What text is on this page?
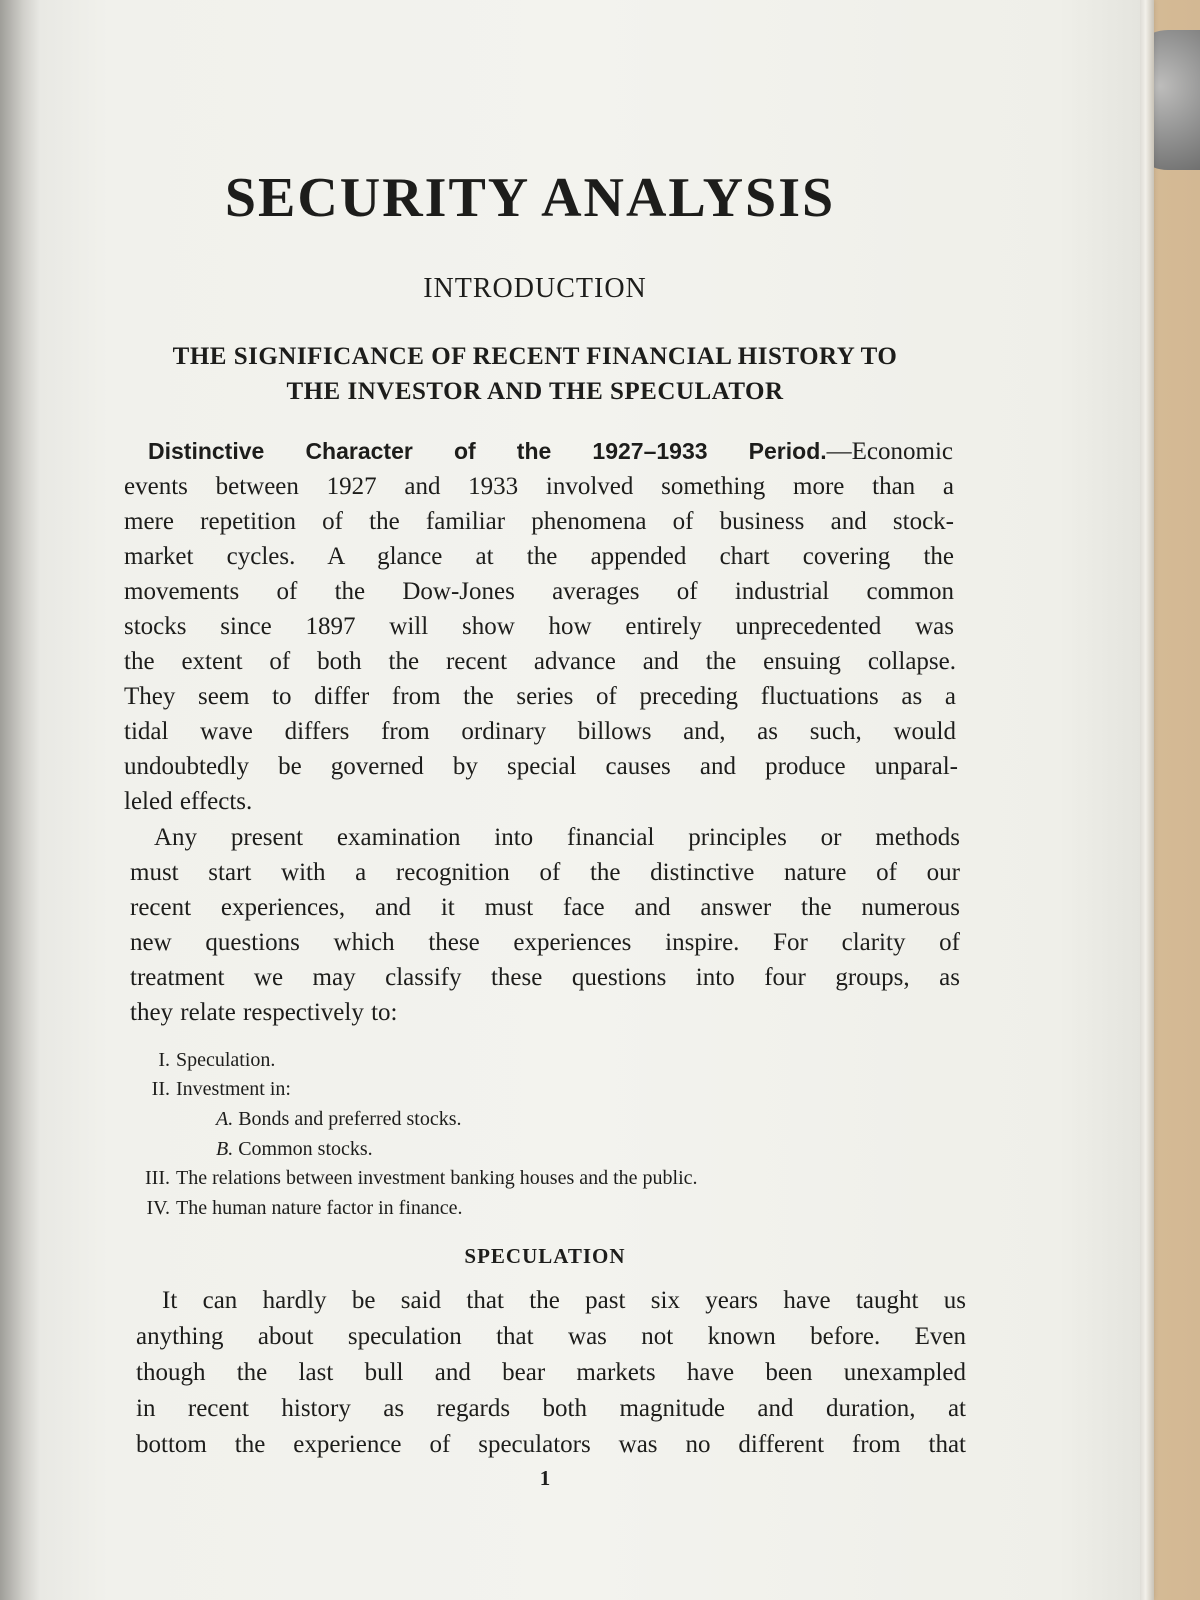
SECURITY ANALYSIS
INTRODUCTION
THE SIGNIFICANCE OF RECENT FINANCIAL HISTORY TO
THE INVESTOR AND THE SPECULATOR
Distinctive Character of the 1927–1933 Period.—Economic
events between 1927 and 1933 involved something more than a
mere repetition of the familiar phenomena of business and stock-
market cycles. A glance at the appended chart covering the
movements of the Dow-Jones averages of industrial common
stocks since 1897 will show how entirely unprecedented was
the extent of both the recent advance and the ensuing collapse.
They seem to differ from the series of preceding fluctuations as a
tidal wave differs from ordinary billows and, as such, would
undoubtedly be governed by special causes and produce unparal-
leled effects.
Any present examination into financial principles or methods
must start with a recognition of the distinctive nature of our
recent experiences, and it must face and answer the numerous
new questions which these experiences inspire. For clarity of
treatment we may classify these questions into four groups, as
they relate respectively to:
I. Speculation.
II. Investment in:
A. Bonds and preferred stocks.
B. Common stocks.
III. The relations between investment banking houses and the public.
IV. The human nature factor in finance.
SPECULATION
It can hardly be said that the past six years have taught us
anything about speculation that was not known before. Even
though the last bull and bear markets have been unexampled
in recent history as regards both magnitude and duration, at
bottom the experience of speculators was no different from that
1
